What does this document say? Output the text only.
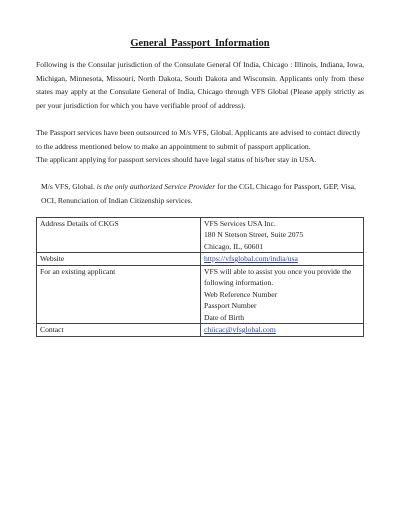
General Passport Information

Following is the Consular jurisdiction of the Consulate General Of India, Chicago : Illinois, Indiana, Iowa, Michigan, Minnesota, Missouri, North Dakota, South Dakota and Wisconsin. Applicants only from these states may apply at the Consulate General of India, Chicago through VFS Global (Please apply strictly as per your jurisdiction for which you have verifiable proof of address).

The Passport services have been outsourced to M/s VFS, Global. Applicants are advised to contact directly to the address mentioned below to make an appointment to submit of passport application.

The applicant applying for passport services should have legal status of his/her stay in USA.

M/s VFS, Global. is the only authorized Service Provider for the CGI, Chicago for Passport, GEP, Visa, OCI, Renunciation of Indian Citizenship services.

Address Details of CKGS	VFS Services USA Inc.
180 N Stetson Street, Suite 2075
Chicago, IL, 60601

Website	https://vfsglobal.com/india/usa
For an existing applicant	VFS will able to assist you once you provide the following information.
Web Reference Number
Passport Number
Date of Birth

Contact	chiicac@vfsglobal.com
